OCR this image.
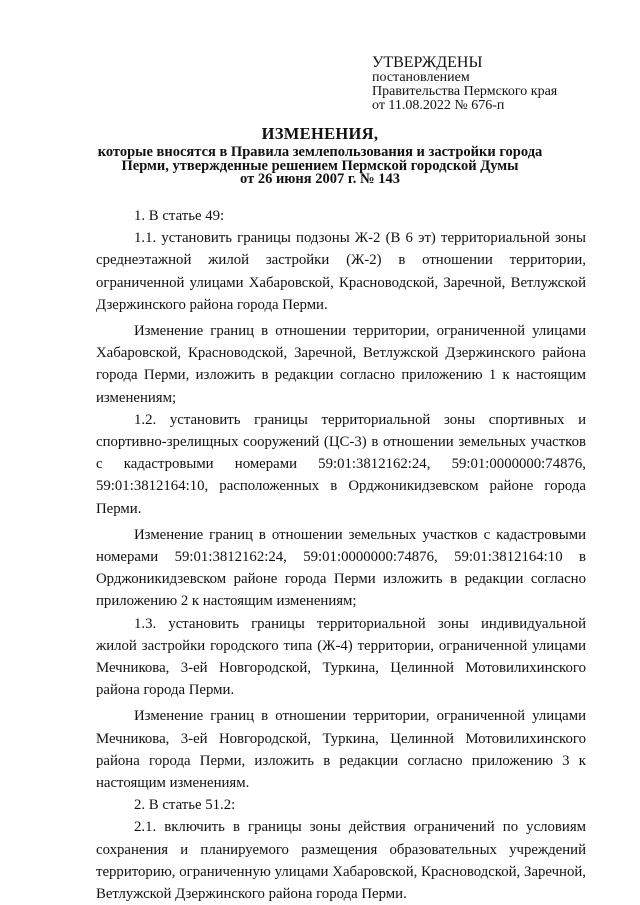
УТВЕРЖДЕНЫ
постановлением
Правительства Пермского края
от 11.08.2022 № 676-п
ИЗМЕНЕНИЯ,
которые вносятся в Правила землепользования и застройки города
Перми, утвержденные решением Пермской городской Думы
от 26 июня 2007 г. № 143

1. В статье 49:

1.1. установить границы подзоны Ж-2 (В 6 эт) территориальной зоны среднеэтажной жилой застройки (Ж-2) в отношении территории, ограниченной улицами Хабаровской, Красноводской, Заречной, Ветлужской Дзержинского района города Перми.

Изменение границ в отношении территории, ограниченной улицами Хабаровской, Красноводской, Заречной, Ветлужской Дзержинского района города Перми, изложить в редакции согласно приложению 1 к настоящим изменениям;

1.2. установить границы территориальной зоны спортивных и спортивно-зрелищных сооружений (ЦС-3) в отношении земельных участков с кадастровыми номерами 59:01:3812162:24, 59:01:0000000:74876, 59:01:3812164:10, расположенных в Орджоникидзевском районе города Перми.

Изменение границ в отношении земельных участков с кадастровыми номерами 59:01:3812162:24, 59:01:0000000:74876, 59:01:3812164:10 в Орджоникидзевском районе города Перми изложить в редакции согласно приложению 2 к настоящим изменениям;

1.3. установить границы территориальной зоны индивидуальной жилой застройки городского типа (Ж-4) территории, ограниченной улицами Мечникова, 3-ей Новгородской, Туркина, Целинной Мотовилихинского района города Перми.

Изменение границ в отношении территории, ограниченной улицами Мечникова, 3-ей Новгородской, Туркина, Целинной Мотовилихинского района города Перми, изложить в редакции согласно приложению 3 к настоящим изменениям.

2. В статье 51.2:

2.1. включить в границы зоны действия ограничений по условиям сохранения и планируемого размещения образовательных учреждений территорию, ограниченную улицами Хабаровской, Красноводской, Заречной, Ветлужской Дзержинского района города Перми.
